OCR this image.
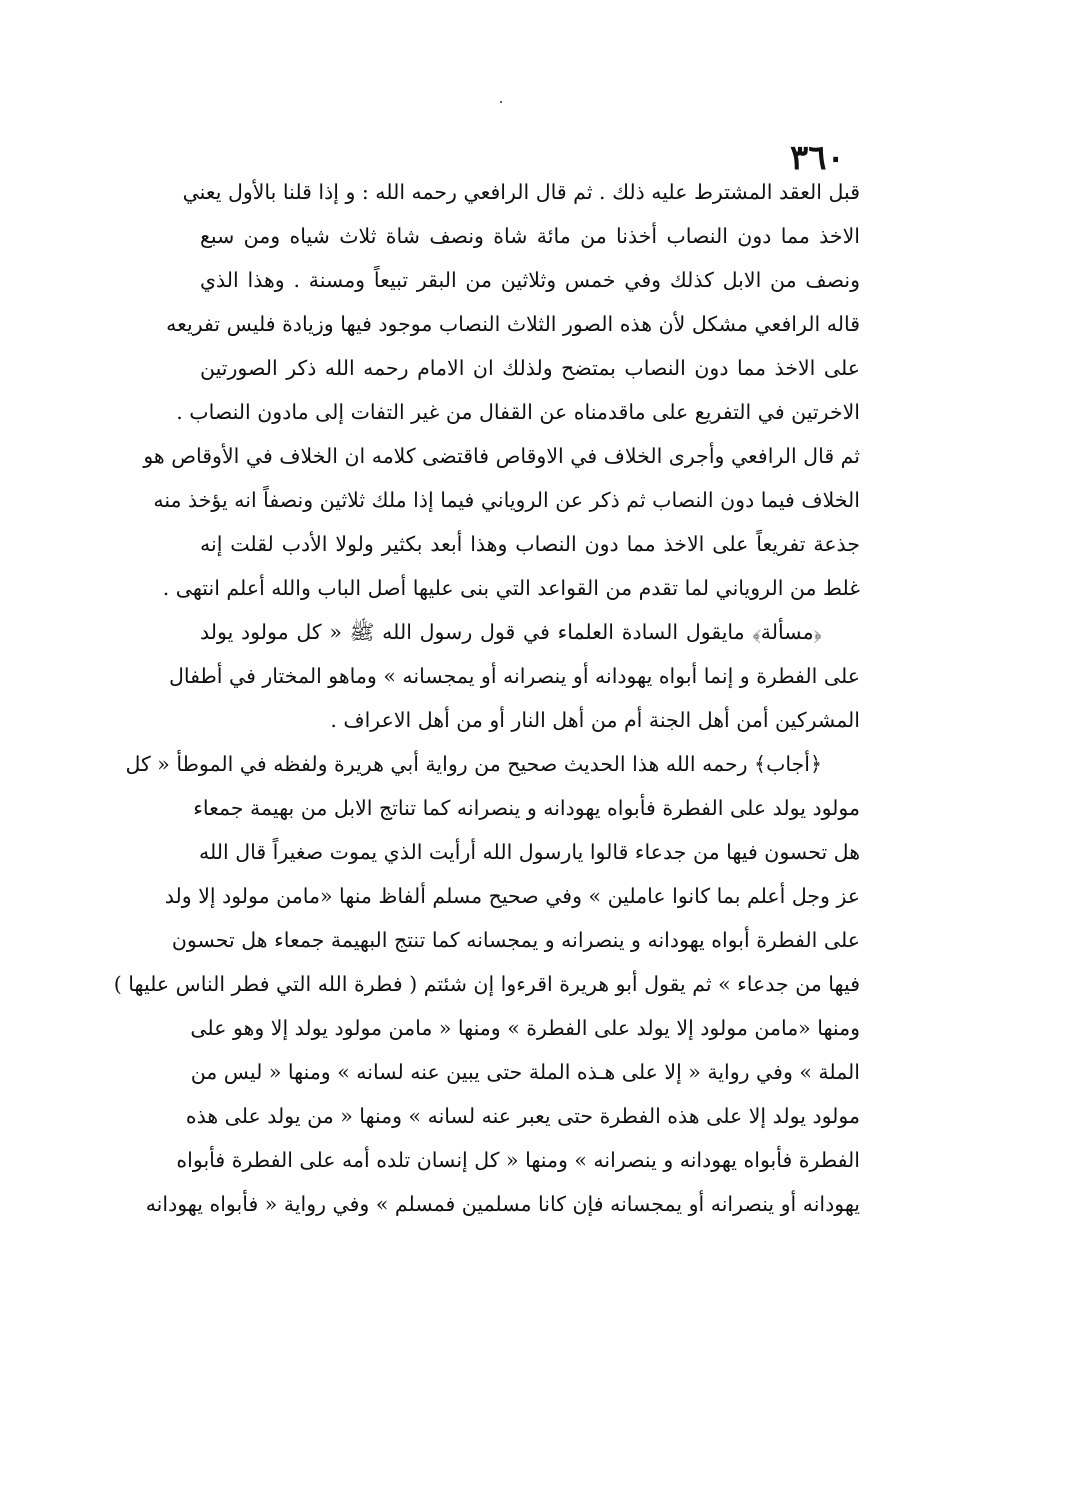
٣٦٠
قبل العقد المشترط عليه ذلك . ثم قال الرافعي رحمه الله : و إذا قلنا بالأول يعني
الاخذ مما دون النصاب أخذنا من مائة شاة ونصف شاة ثلاث شياه ومن سبع
ونصف من الابل كذلك وفي خمس وثلاثين من البقر تبيعاً ومسنة . وهذا الذي
قاله الرافعي مشكل لأن هذه الصور الثلاث النصاب موجود فيها وزيادة فليس تفريعه
على الاخذ مما دون النصاب بمتضح ولذلك ان الامام رحمه الله ذكر الصورتين
الاخرتين في التفريع على ماقدمناه عن القفال من غير التفات إلى مادون النصاب .
ثم قال الرافعي وأجرى الخلاف في الاوقاص فاقتضى كلامه ان الخلاف في الأوقاص هو
الخلاف فيما دون النصاب ثم ذكر عن الروياني فيما إذا ملك ثلاثين ونصفاً انه يؤخذ منه
جذعة تفريعاً على الاخذ مما دون النصاب وهذا أبعد بكثير ولولا الأدب لقلت إنه
غلط من الروياني لما تقدم من القواعد التي بنى عليها أصل الباب والله أعلم انتهى .
﴿مسألة﴾ مايقول السادة العلماء في قول رسول الله ﷺ « كل مولود يولد
على الفطرة و إنما أبواه يهودانه أو ينصرانه أو يمجسانه » وماهو المختار في أطفال
المشركين أمن أهل الجنة أم من أهل النار أو من أهل الاعراف .
﴿أجاب﴾ رحمه الله هذا الحديث صحيح من رواية أبي هريرة ولفظه في الموطأ « كل
مولود يولد على الفطرة فأبواه يهودانه و ينصرانه كما تناتج الابل من بهيمة جمعاء
هل تحسون فيها من جدعاء قالوا يارسول الله أرأيت الذي يموت صغيراً قال الله
عز وجل أعلم بما كانوا عاملين » وفي صحيح مسلم ألفاظ منها «مامن مولود إلا ولد
على الفطرة أبواه يهودانه و ينصرانه و يمجسانه كما تنتج البهيمة جمعاء هل تحسون
فيها من جدعاء » ثم يقول أبو هريرة اقرءوا إن شئتم ( فطرة الله التي فطر الناس عليها )
ومنها «مامن مولود إلا يولد على الفطرة » ومنها « مامن مولود يولد إلا وهو على
الملة » وفي رواية « إلا على هـذه الملة حتى يبين عنه لسانه » ومنها « ليس من
مولود يولد إلا على هذه الفطرة حتى يعبر عنه لسانه » ومنها « من يولد على هذه
الفطرة فأبواه يهودانه و ينصرانه » ومنها « كل إنسان تلده أمه على الفطرة فأبواه
يهودانه أو ينصرانه أو يمجسانه فإن كانا مسلمين فمسلم » وفي رواية « فأبواه يهودانه
